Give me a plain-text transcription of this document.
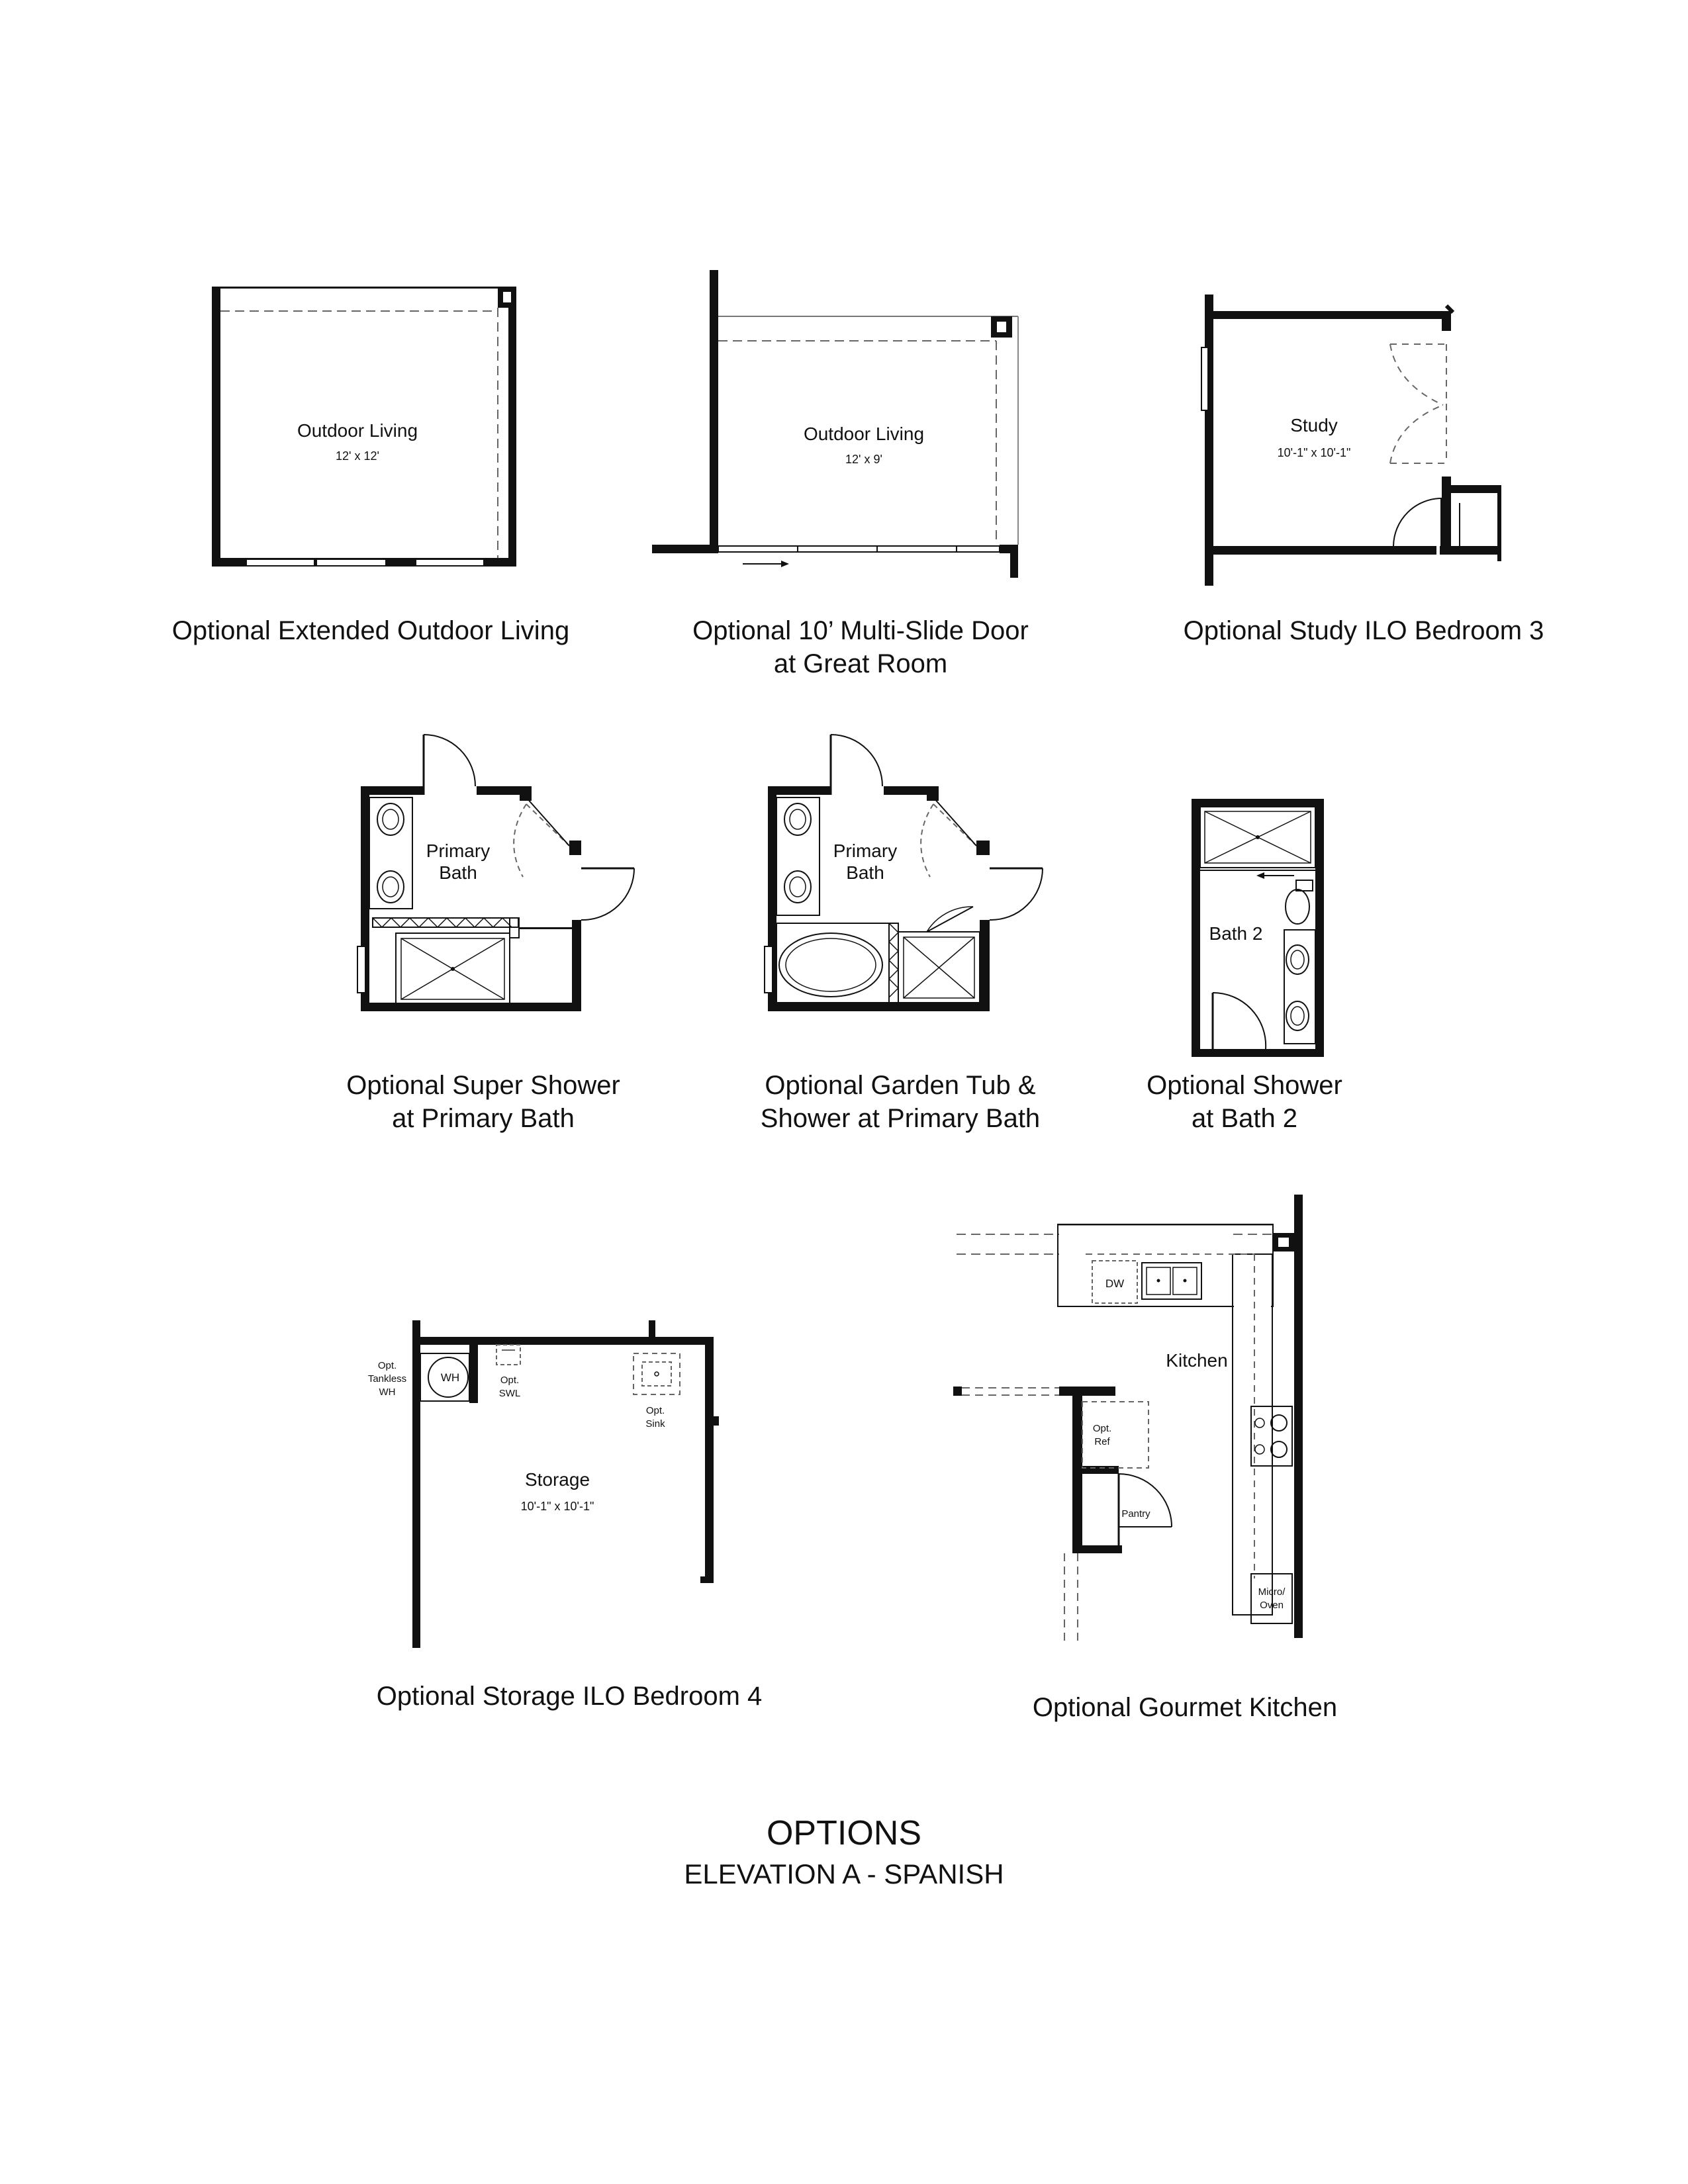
Outdoor Living
12' x 12'
Outdoor Living
12' x 9'
Study
10'-1" x 10'-1"
Primary
Bath
Primary
Bath
Bath 2
Opt.
Tankless
WH
WH	Opt.
SWL
Opt.
Sink
Storage
10'-1" x 10'-1"
Kitchen
DW
Opt.
Ref
Pantry
Micro/
Oven
Optional Extended Outdoor Living	Optional 10’ Multi-Slide Door
at Great Room
Optional Study ILO Bedroom 3
Optional Super Shower
at Primary Bath
Optional Garden Tub &
Shower at Primary Bath
Optional Shower
at Bath 2
Optional Storage ILO Bedroom 4	Optional Gourmet Kitchen
OPTIONS
ELEVATION A - SPANISH
